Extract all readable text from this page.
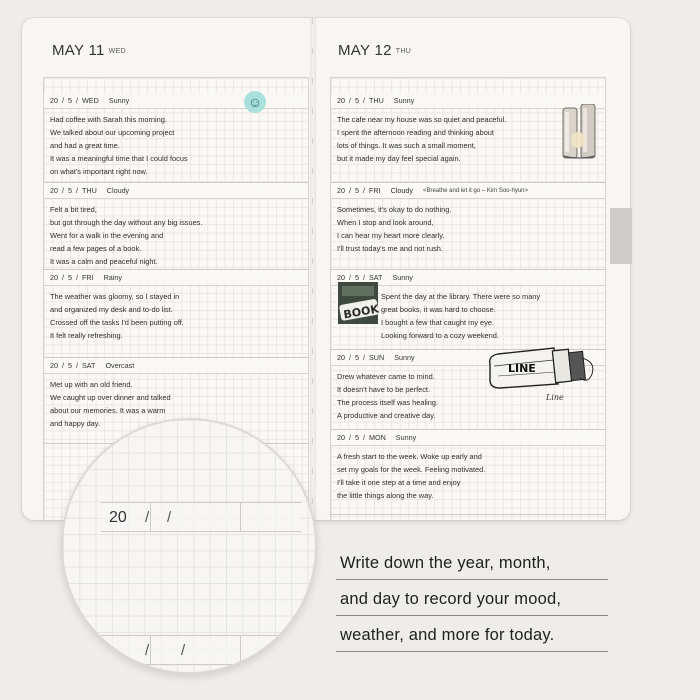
MAY 11 WED
20 / 5 / WED Sunny
Had coffee with Sarah this morning.
We talked about our upcoming project
and had a great time.
It was a meaningful time that I could focus
on what's important right now.
20 / 5 / THU Cloudy
Felt a bit tired,
but got through the day without any big issues.
Went for a walk in the evening and
read a few pages of a book.
It was a calm and peaceful night.
20 / 5 / FRI Rainy
The weather was gloomy, so I stayed in
and organized my desk and to-do list.
Crossed off the tasks I'd been putting off.
It felt really refreshing.
20 / 5 / SAT Overcast
Met up with an old friend.
We caught up over dinner and talked
about our memories. It was a warm
and happy day.
MAY 12 THU
20 / 5 / THU Sunny
The cafe near my house was so quiet and peaceful.
I spent the afternoon reading and thinking about
lots of things. It was such a small moment,
but it made my day feel special again.
20 / 5 / FRI Cloudy <Breathe and let it go – Kim Soo-hyun>
Sometimes, it's okay to do nothing.
When I stop and look around,
I can hear my heart more clearly.
I'll trust today's me and not rush.
20 / 5 / SAT Sunny
Spent the day at the library. There were so many
great books, it was hard to choose.
I bought a few that caught my eye.
Looking forward to a cozy weekend.
20 / 5 / SUN Sunny
Drew whatever came to mind.
It doesn't have to be perfect.
The process itself was healing.
A productive and creative day.
20 / 5 / MON Sunny
A fresh start to the week. Woke up early and
set my goals for the week. Feeling motivated.
I'll take it one step at a time and enjoy
the little things along the way.
☺
BOOK
LINE
Line
20 / /
/ /
Write down the year, month,
and day to record your mood,
weather, and more for today.
